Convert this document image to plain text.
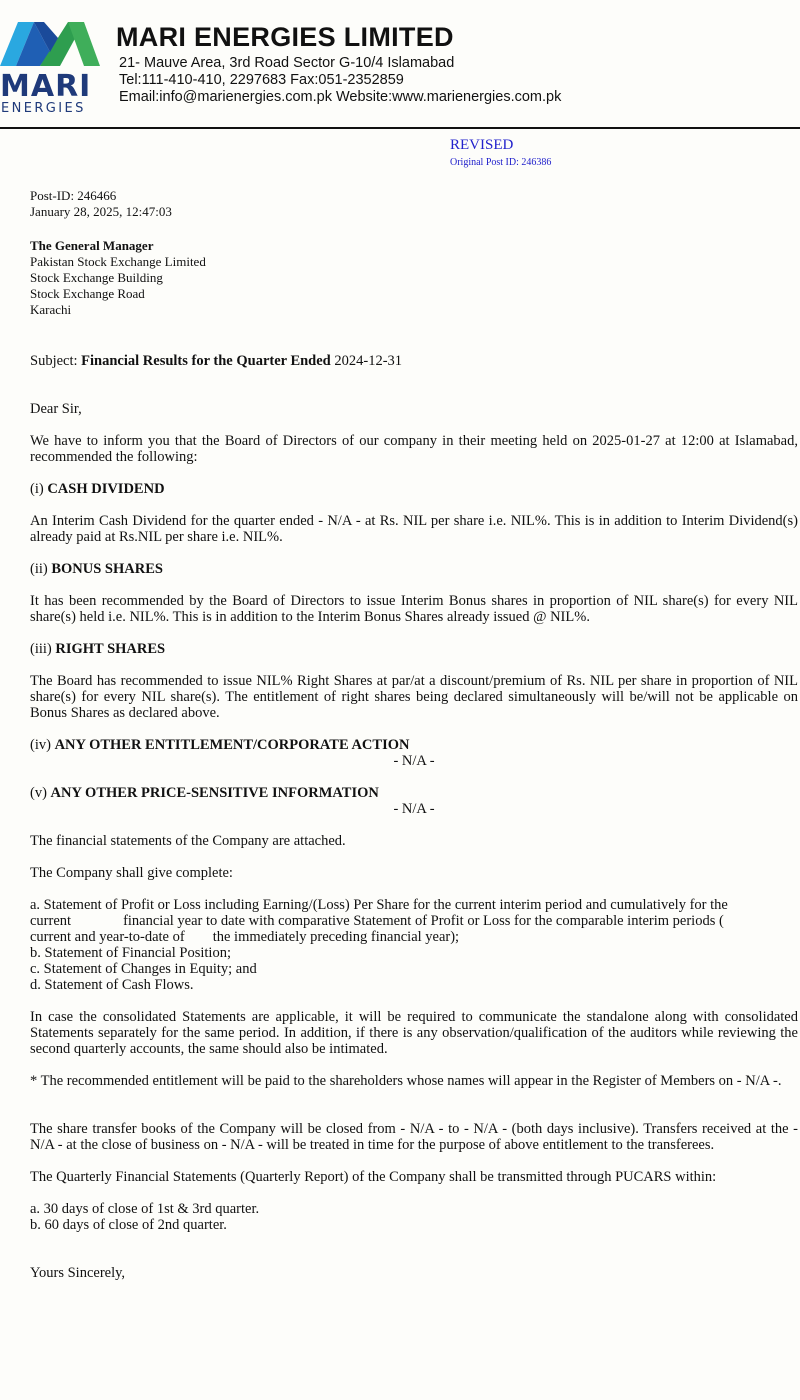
MARI
ENERGIES
MARI ENERGIES LIMITED
21- Mauve Area, 3rd Road Sector G-10/4 Islamabad
Tel:111-410-410, 2297683 Fax:051-2352859
Email:info@marienergies.com.pk Website:www.marienergies.com.pk
REVISED
Original Post ID: 246386
Post-ID: 246466
January 28, 2025, 12:47:03
The General Manager
Pakistan Stock Exchange Limited
Stock Exchange Building
Stock Exchange Road
Karachi
Subject: Financial Results for the Quarter Ended 2024-12-31
Dear Sir,
We have to inform you that the Board of Directors of our company in their meeting held on 2025-01-27 at 12:00 at Islamabad, recommended the following:
(i) CASH DIVIDEND
An Interim Cash Dividend for the quarter ended - N/A - at Rs. NIL per share i.e. NIL%. This is in addition to Interim Dividend(s) already paid at Rs.NIL per share i.e. NIL%.
(ii) BONUS SHARES
It has been recommended by the Board of Directors to issue Interim Bonus shares in proportion of NIL share(s) for every NIL share(s) held i.e. NIL%. This is in addition to the Interim Bonus Shares already issued @ NIL%.
(iii) RIGHT SHARES
The Board has recommended to issue NIL% Right Shares at par/at a discount/premium of Rs. NIL per share in proportion of NIL share(s) for every NIL share(s). The entitlement of right shares being declared simultaneously will be/will not be applicable on Bonus Shares as declared above.
(iv) ANY OTHER ENTITLEMENT/CORPORATE ACTION
- N/A -
(v) ANY OTHER PRICE-SENSITIVE INFORMATION
- N/A -
The financial statements of the Company are attached.
The Company shall give complete:
a. Statement of Profit or Loss including Earning/(Loss) Per Share for the current interim period and cumulatively for the
current	financial year to date with comparative Statement of Profit or Loss for the comparable interim periods (
current and year-to-date of the immediately preceding financial year);
b. Statement of Financial Position;
c. Statement of Changes in Equity; and
d. Statement of Cash Flows.
In case the consolidated Statements are applicable, it will be required to communicate the standalone along with consolidated Statements separately for the same period. In addition, if there is any observation/qualification of the auditors while reviewing the second quarterly accounts, the same should also be intimated.
* The recommended entitlement will be paid to the shareholders whose names will appear in the Register of Members on - N/A -.
The share transfer books of the Company will be closed from - N/A - to - N/A - (both days inclusive). Transfers received at the - N/A - at the close of business on - N/A - will be treated in time for the purpose of above entitlement to the transferees.
The Quarterly Financial Statements (Quarterly Report) of the Company shall be transmitted through PUCARS within:
a. 30 days of close of 1st & 3rd quarter.
b. 60 days of close of 2nd quarter.
Yours Sincerely,
